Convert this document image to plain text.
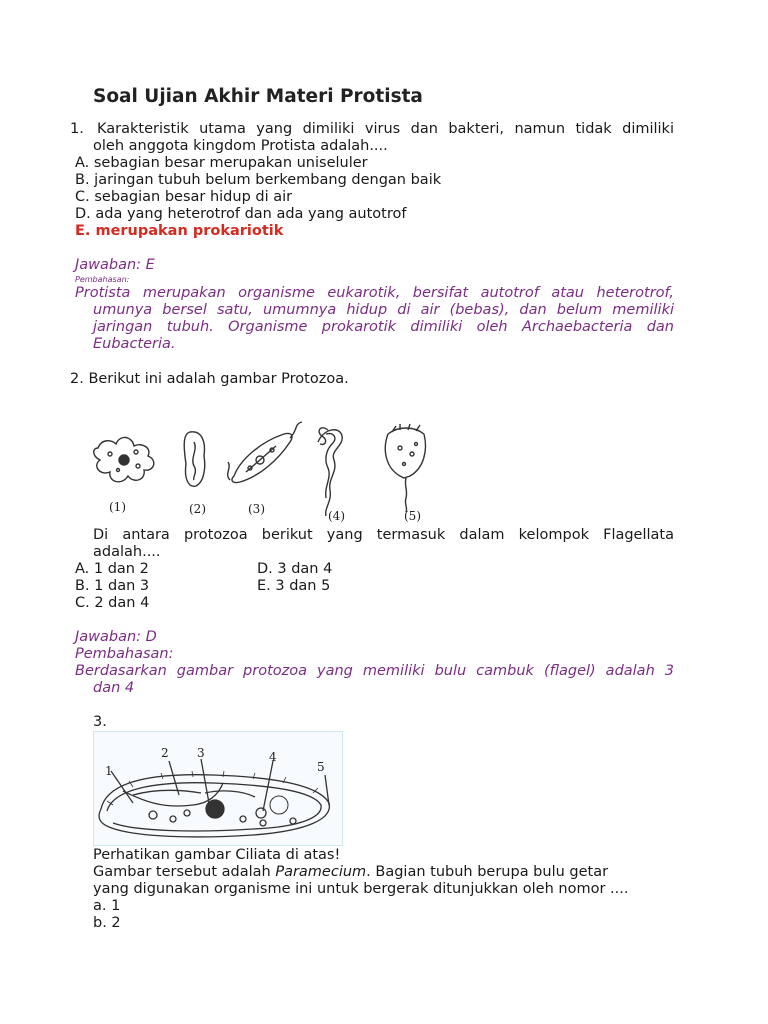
Soal Ujian Akhir Materi Protista
1. Karakteristik utama yang dimiliki virus dan bakteri, namun tidak dimiliki
oleh anggota kingdom Protista adalah....
A. sebagian besar merupakan uniseluler
B. jaringan tubuh belum berkembang dengan baik
C. sebagian besar hidup di air
D. ada yang heterotrof dan ada yang autotrof
E. merupakan prokariotik
Jawaban: E
Pembahasan:
Protista merupakan organisme eukarotik, bersifat autotrof atau heterotrof,
umunya bersel satu, umumnya hidup di air (bebas), dan belum memiliki
jaringan tubuh. Organisme prokarotik dimiliki oleh Archaebacteria dan
Eubacteria.
2. Berikut ini adalah gambar Protozoa.
(1)	(2)	(3)	(4)	(5)
Di antara protozoa berikut yang termasuk dalam kelompok Flagellata
adalah....
A. 1 dan 2
B. 1 dan 3
C. 2 dan 4
D. 3 dan 4
E. 3 dan 5
Jawaban: D
Pembahasan:
Berdasarkan gambar protozoa yang memiliki bulu cambuk (flagel) adalah 3
dan 4
3.
1
2 3	4
5
Perhatikan gambar Ciliata di atas!
Gambar tersebut adalah Paramecium. Bagian tubuh berupa bulu getar
yang digunakan organisme ini untuk bergerak ditunjukkan oleh nomor ....
a. 1
b. 2
